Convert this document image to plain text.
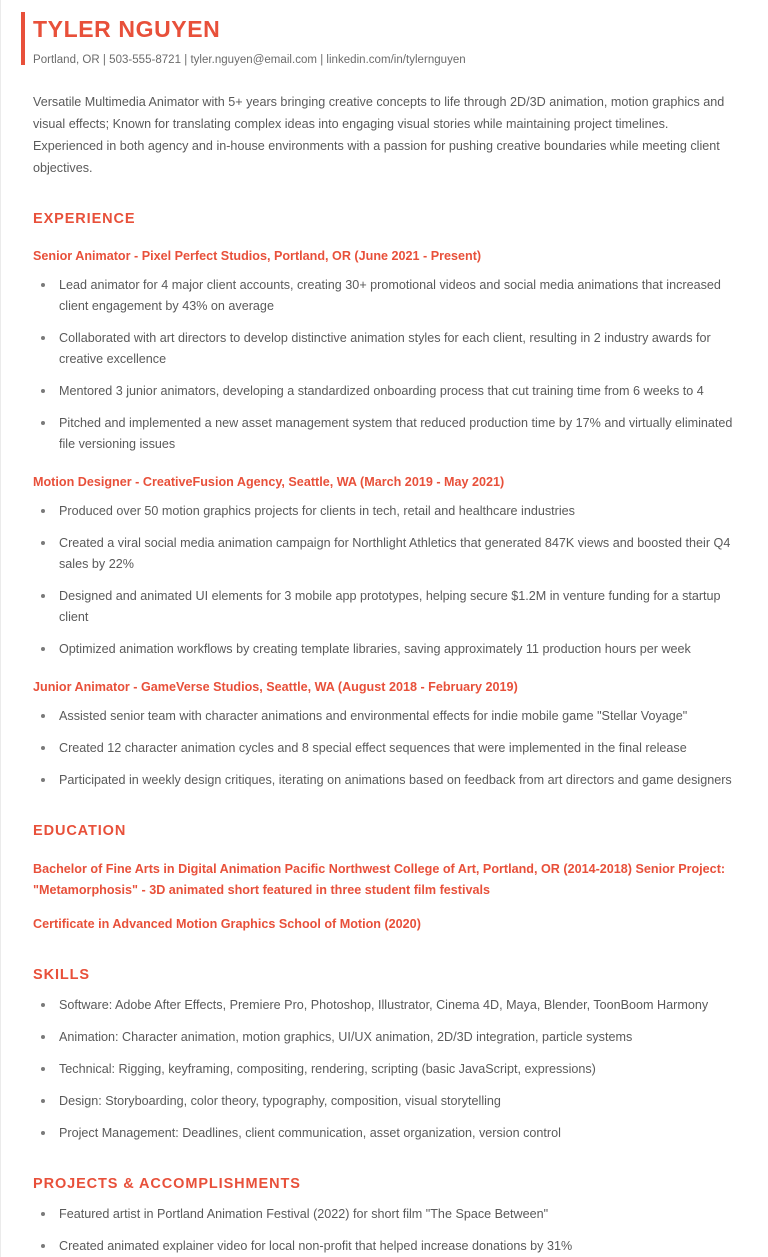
TYLER NGUYEN
Portland, OR | 503-555-8721 | tyler.nguyen@email.com | linkedin.com/in/tylernguyen

Versatile Multimedia Animator with 5+ years bringing creative concepts to life through 2D/3D animation, motion graphics and visual effects; Known for translating complex ideas into engaging visual stories while maintaining project timelines. Experienced in both agency and in-house environments with a passion for pushing creative boundaries while meeting client objectives.

EXPERIENCE
Senior Animator - Pixel Perfect Studios, Portland, OR (June 2021 - Present)
Lead animator for 4 major client accounts, creating 30+ promotional videos and social media animations that increased client engagement by 43% on average
Collaborated with art directors to develop distinctive animation styles for each client, resulting in 2 industry awards for creative excellence
Mentored 3 junior animators, developing a standardized onboarding process that cut training time from 6 weeks to 4
Pitched and implemented a new asset management system that reduced production time by 17% and virtually eliminated file versioning issues
Motion Designer - CreativeFusion Agency, Seattle, WA (March 2019 - May 2021)
Produced over 50 motion graphics projects for clients in tech, retail and healthcare industries
Created a viral social media animation campaign for Northlight Athletics that generated 847K views and boosted their Q4 sales by 22%
Designed and animated UI elements for 3 mobile app prototypes, helping secure $1.2M in venture funding for a startup client
Optimized animation workflows by creating template libraries, saving approximately 11 production hours per week
Junior Animator - GameVerse Studios, Seattle, WA (August 2018 - February 2019)
Assisted senior team with character animations and environmental effects for indie mobile game "Stellar Voyage"
Created 12 character animation cycles and 8 special effect sequences that were implemented in the final release
Participated in weekly design critiques, iterating on animations based on feedback from art directors and game designers
EDUCATION
Bachelor of Fine Arts in Digital Animation Pacific Northwest College of Art, Portland, OR (2014-2018) Senior Project: "Metamorphosis" - 3D animated short featured in three student film festivals
Certificate in Advanced Motion Graphics School of Motion (2020)
SKILLS
Software: Adobe After Effects, Premiere Pro, Photoshop, Illustrator, Cinema 4D, Maya, Blender, ToonBoom Harmony
Animation: Character animation, motion graphics, UI/UX animation, 2D/3D integration, particle systems
Technical: Rigging, keyframing, compositing, rendering, scripting (basic JavaScript, expressions)
Design: Storyboarding, color theory, typography, composition, visual storytelling
Project Management: Deadlines, client communication, asset organization, version control
PROJECTS & ACCOMPLISHMENTS
Featured artist in Portland Animation Festival (2022) for short film "The Space Between"
Created animated explainer video for local non-profit that helped increase donations by 31%
